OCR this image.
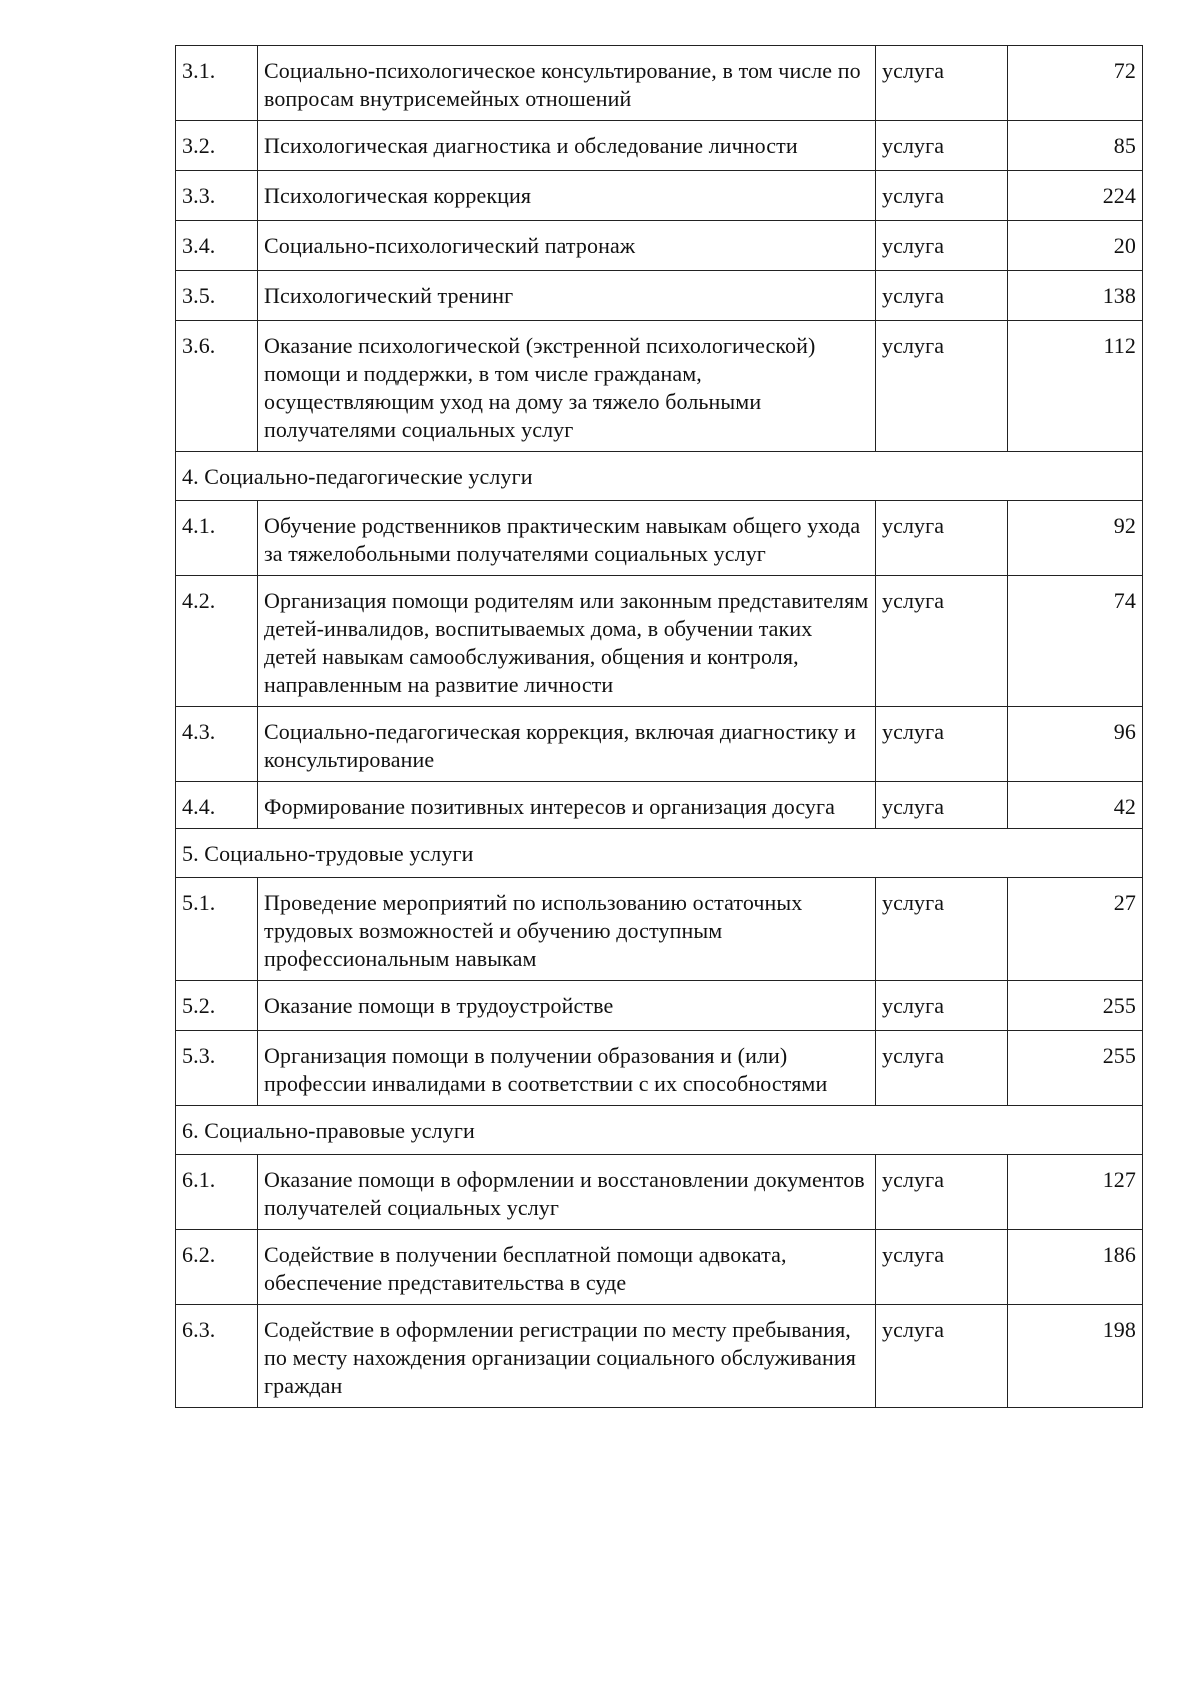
3.1.	Социально-психологическое консультирование, в том числе по вопросам внутрисемейных отношений	услуга	72
3.2.	Психологическая диагностика и обследование личности	услуга	85
3.3.	Психологическая коррекция	услуга	224
3.4.	Социально-психологический патронаж	услуга	20
3.5.	Психологический тренинг	услуга	138
3.6.	Оказание психологической (экстренной психологической) помощи и поддержки, в том числе гражданам, осуществляющим уход на дому за тяжело больными получателями социальных услуг	услуга	112
4. Социально-педагогические услуги			
4.1.	Обучение родственников практическим навыкам общего ухода за тяжелобольными получателями социальных услуг	услуга	92
4.2.	Организация помощи родителям или законным представителям детей-инвалидов, воспитываемых дома, в обучении таких детей навыкам самообслуживания, общения и контроля, направленным на развитие личности	услуга	74
4.3.	Социально-педагогическая коррекция, включая диагностику и консультирование	услуга	96
4.4.	Формирование позитивных интересов и организация досуга	услуга	42
5. Социально-трудовые услуги			
5.1.	Проведение мероприятий по использованию остаточных трудовых возможностей и обучению доступным профессиональным навыкам	услуга	27
5.2.	Оказание помощи в трудоустройстве	услуга	255
5.3.	Организация помощи в получении образования и (или) профессии инвалидами в соответствии с их способностями	услуга	255
6. Социально-правовые услуги			
6.1.	Оказание помощи в оформлении и восстановлении документов получателей социальных услуг	услуга	127
6.2.	Содействие в получении бесплатной помощи адвоката, обеспечение представительства в суде	услуга	186
6.3.	Содействие в оформлении регистрации по месту пребывания, по месту нахождения организации социального обслуживания граждан	услуга	198
